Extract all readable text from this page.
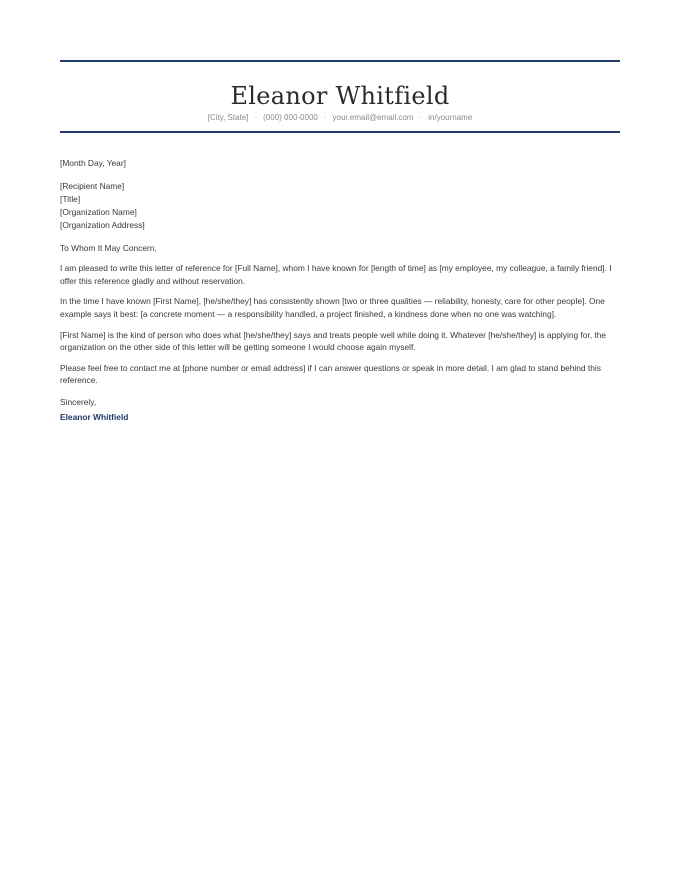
Eleanor Whitfield
[City, State] · (000) 000-0000 · your.email@email.com · in/yourname
[Month Day, Year]
[Recipient Name]
[Title]
[Organization Name]
[Organization Address]
To Whom It May Concern,

I am pleased to write this letter of reference for [Full Name], whom I have known for [length of time] as [my employee, my colleague, a family friend]. I offer this reference gladly and without reservation.

In the time I have known [First Name], [he/she/they] has consistently shown [two or three qualities — reliability, honesty, care for other people]. One example says it best: [a concrete moment — a responsibility handled, a project finished, a kindness done when no one was watching].

[First Name] is the kind of person who does what [he/she/they] says and treats people well while doing it. Whatever [he/she/they] is applying for, the organization on the other side of this letter will be getting someone I would choose again myself.

Please feel free to contact me at [phone number or email address] if I can answer questions or speak in more detail. I am glad to stand behind this reference.

Sincerely,
Eleanor Whitfield
